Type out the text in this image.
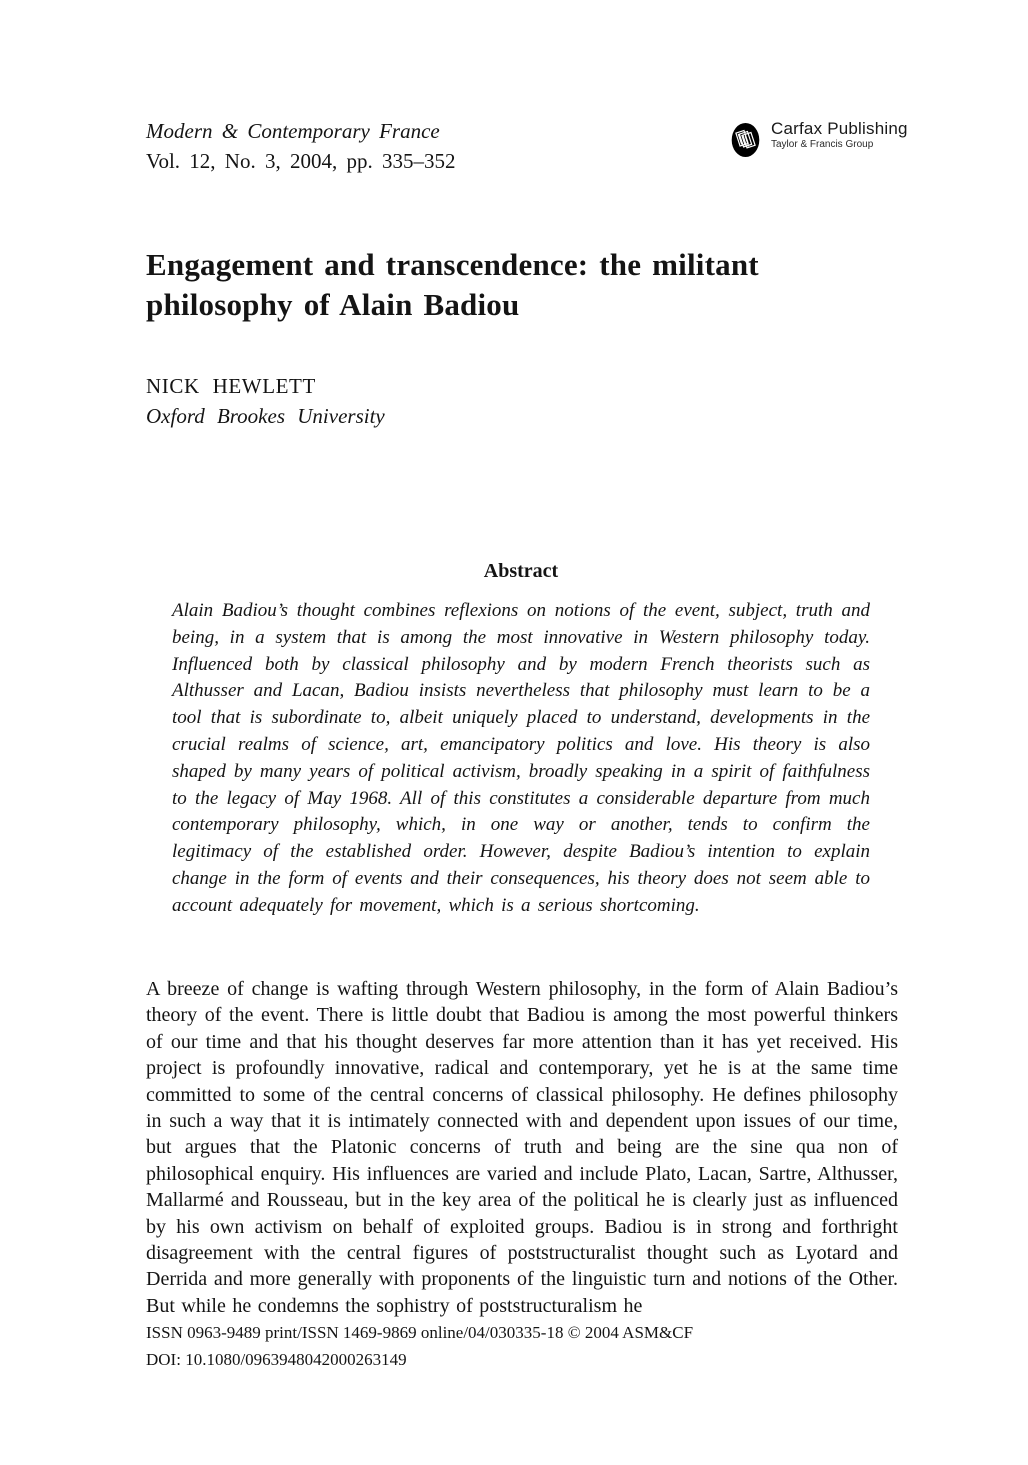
Modern & Contemporary France
Vol. 12, No. 3, 2004, pp. 335–352
Carfax Publishing
Taylor & Francis Group
Engagement and transcendence: the militant philosophy of Alain Badiou
NICK HEWLETT
Oxford Brookes University
Abstract

Alain Badiou’s thought combines reflexions on notions of the event, subject, truth and being, in a system that is among the most innovative in Western philosophy today. Influenced both by classical philosophy and by modern French theorists such as Althusser and Lacan, Badiou insists nevertheless that philosophy must learn to be a tool that is subordinate to, albeit uniquely placed to understand, developments in the crucial realms of science, art, emancipatory politics and love. His theory is also shaped by many years of political activism, broadly speaking in a spirit of faithfulness to the legacy of May 1968. All of this constitutes a considerable departure from much contemporary philosophy, which, in one way or another, tends to confirm the legitimacy of the established order. However, despite Badiou’s intention to explain change in the form of events and their consequences, his theory does not seem able to account adequately for movement, which is a serious shortcoming.

A breeze of change is wafting through Western philosophy, in the form of Alain Badiou’s theory of the event. There is little doubt that Badiou is among the most powerful thinkers of our time and that his thought deserves far more attention than it has yet received. His project is profoundly innovative, radical and contemporary, yet he is at the same time committed to some of the central concerns of classical philosophy. He defines philosophy in such a way that it is intimately connected with and dependent upon issues of our time, but argues that the Platonic concerns of truth and being are the sine qua non of philosophical enquiry. His influences are varied and include Plato, Lacan, Sartre, Althusser, Mallarmé and Rousseau, but in the key area of the political he is clearly just as influenced by his own activism on behalf of exploited groups. Badiou is in strong and forthright disagreement with the central figures of poststructuralist thought such as Lyotard and Derrida and more generally with proponents of the linguistic turn and notions of the Other. But while he condemns the sophistry of poststructuralism he

ISSN 0963-9489 print/ISSN 1469-9869 online/04/030335-18 © 2004 ASM&CF
DOI: 10.1080/0963948042000263149
